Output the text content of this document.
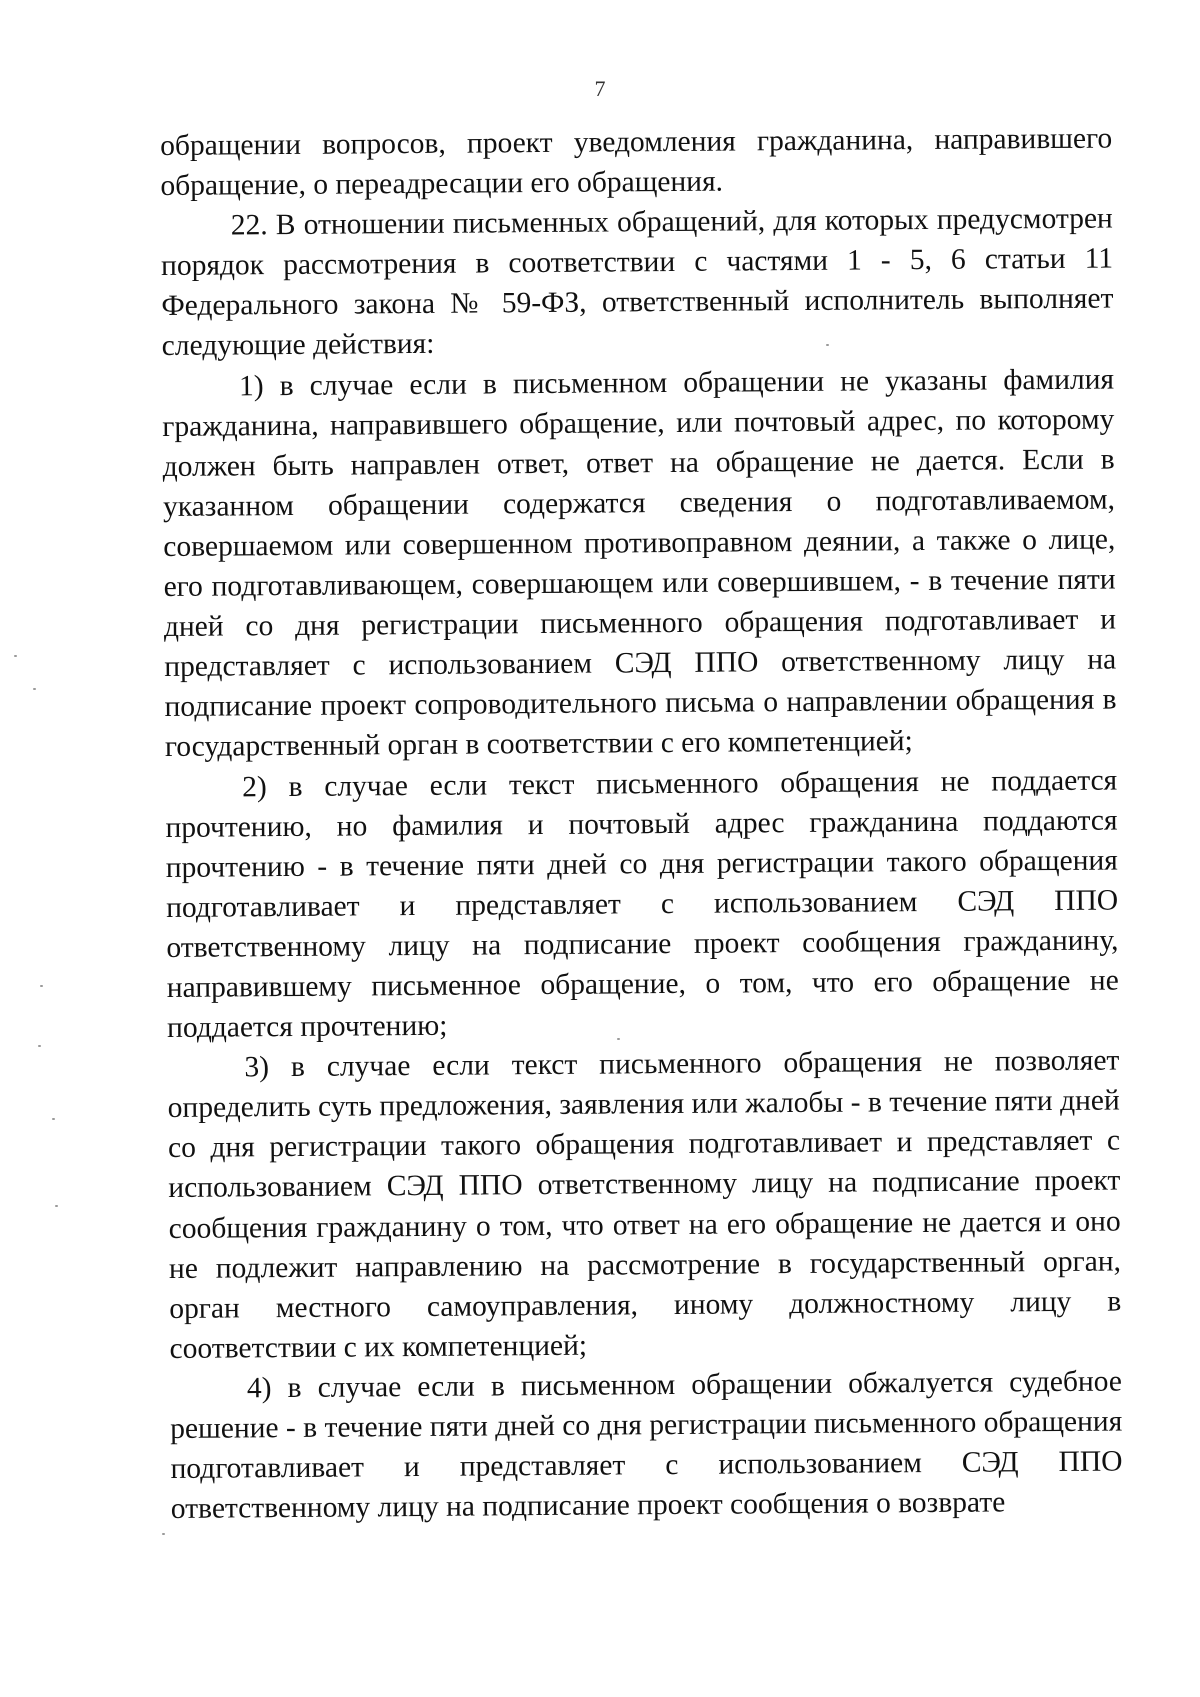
7

обращении вопросов, проект уведомления гражданина, направившего обращение, о переадресации его обращения.

22. В отношении письменных обращений, для которых предусмотрен порядок рассмотрения в соответствии с частями 1 - 5, 6 статьи 11 Федерального закона № 59-ФЗ, ответственный исполнитель выполняет следующие действия:

1) в случае если в письменном обращении не указаны фамилия гражданина, направившего обращение, или почтовый адрес, по которому должен быть направлен ответ, ответ на обращение не дается. Если в указанном обращении содержатся сведения о подготавливаемом, совершаемом или совершенном противоправном деянии, а также о лице, его подготавливающем, совершающем или совершившем, - в течение пяти дней со дня регистрации письменного обращения подготавливает и представляет с использованием СЭД ППО ответственному лицу на подписание проект сопроводительного письма о направлении обращения в государственный орган в соответствии с его компетенцией;

2) в случае если текст письменного обращения не поддается прочтению, но фамилия и почтовый адрес гражданина поддаются прочтению - в течение пяти дней со дня регистрации такого обращения подготавливает и представляет с использованием СЭД ППО ответственному лицу на подписание проект сообщения гражданину, направившему письменное обращение, о том, что его обращение не поддается прочтению;

3) в случае если текст письменного обращения не позволяет определить суть предложения, заявления или жалобы - в течение пяти дней со дня регистрации такого обращения подготавливает и представляет с использованием СЭД ППО ответственному лицу на подписание проект сообщения гражданину о том, что ответ на его обращение не дается и оно не подлежит направлению на рассмотрение в государственный орган, орган местного самоуправления, иному должностному лицу в соответствии с их компетенцией;

4) в случае если в письменном обращении обжалуется судебное решение - в течение пяти дней со дня регистрации письменного обращения подготавливает и представляет с использованием СЭД ППО ответственному лицу на подписание проект сообщения о возврате
